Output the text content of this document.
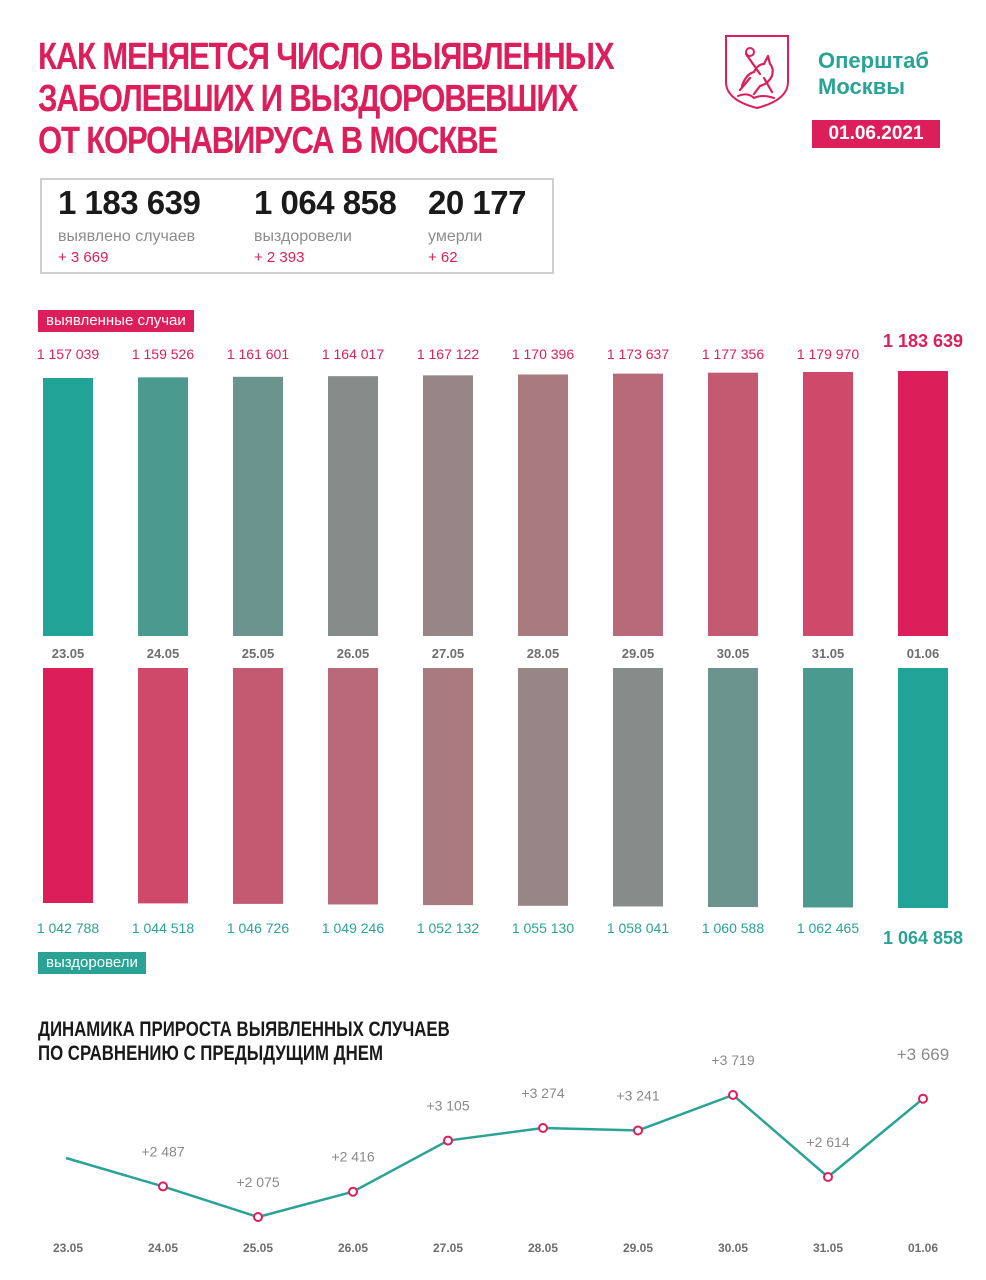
КАК МЕНЯЕТСЯ ЧИСЛО ВЫЯВЛЕННЫХ
ЗАБОЛЕВШИХ И ВЫЗДОРОВЕВШИХ
ОТ КОРОНАВИРУСА В МОСКВЕ
Оперштаб
Москвы
01.06.2021
1 183 639
выявлено случаев
+ 3 669
1 064 858
выздоровели
+ 2 393
20 177
умерли
+ 62
выявленные случаи
выздоровели
ДИНАМИКА ПРИРОСТА ВЫЯВЛЕННЫХ СЛУЧАЕВ
ПО СРАВНЕНИЮ С ПРЕДЫДУЩИМ ДНЕМ
1 157 039
23.05
1 159 526
24.05
1 161 601
25.05
1 164 017
26.05
1 167 122
27.05
1 170 396
28.05
1 173 637
29.05
1 177 356
30.05
1 179 970
31.05
1 183 639
01.06
1 042 788 1 044 518 1 046 726 1 049 246 1 052 132 1 055 130 1 058 041 1 060 588 1 062 465 1 064 858
23.05
+2 487
24.05
+2 075
25.05
+2 416
26.05
+3 105
27.05
+3 274
28.05
+3 241
29.05
+3 719
30.05
+2 614
31.05
+3 669
01.06
